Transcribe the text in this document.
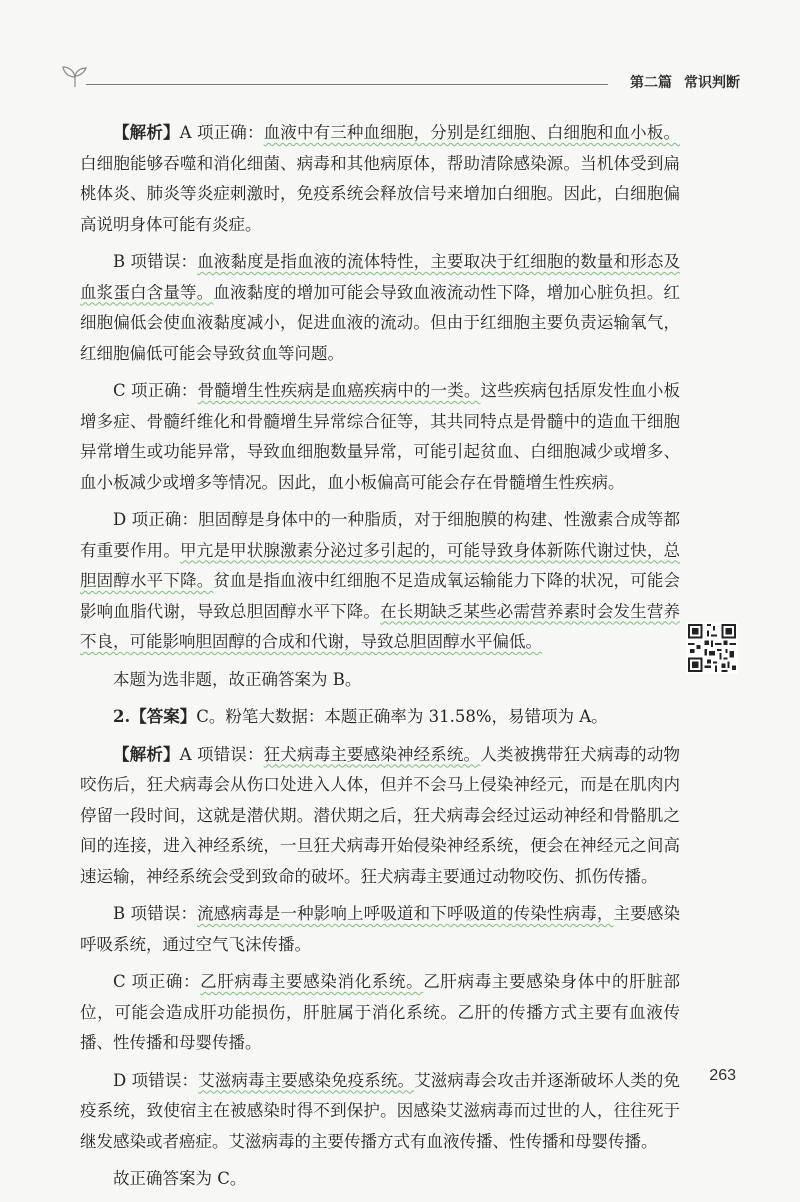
第二篇 常识判断

【解析】A 项正确：血液中有三种血细胞，分别是红细胞、白细胞和血小板。白细胞能够吞噬和消化细菌、病毒和其他病原体，帮助清除感染源。当机体受到扁桃体炎、肺炎等炎症刺激时，免疫系统会释放信号来增加白细胞。因此，白细胞偏高说明身体可能有炎症。

B 项错误：血液黏度是指血液的流体特性，主要取决于红细胞的数量和形态及血浆蛋白含量等。血液黏度的增加可能会导致血液流动性下降，增加心脏负担。红细胞偏低会使血液黏度减小，促进血液的流动。但由于红细胞主要负责运输氧气，红细胞偏低可能会导致贫血等问题。

C 项正确：骨髓增生性疾病是血癌疾病中的一类。这些疾病包括原发性血小板增多症、骨髓纤维化和骨髓增生异常综合征等，其共同特点是骨髓中的造血干细胞异常增生或功能异常，导致血细胞数量异常，可能引起贫血、白细胞减少或增多、血小板减少或增多等情况。因此，血小板偏高可能会存在骨髓增生性疾病。

D 项正确：胆固醇是身体中的一种脂质，对于细胞膜的构建、性激素合成等都有重要作用。甲亢是甲状腺激素分泌过多引起的，可能导致身体新陈代谢过快，总胆固醇水平下降。贫血是指血液中红细胞不足造成氧运输能力下降的状况，可能会影响血脂代谢，导致总胆固醇水平下降。在长期缺乏某些必需营养素时会发生营养不良，可能影响胆固醇的合成和代谢，导致总胆固醇水平偏低。

本题为选非题，故正确答案为 B。

2.【答案】C。粉笔大数据：本题正确率为 31.58%，易错项为 A。

【解析】A 项错误：狂犬病毒主要感染神经系统。人类被携带狂犬病毒的动物咬伤后，狂犬病毒会从伤口处进入人体，但并不会马上侵染神经元，而是在肌肉内停留一段时间，这就是潜伏期。潜伏期之后，狂犬病毒会经过运动神经和骨骼肌之间的连接，进入神经系统，一旦狂犬病毒开始侵染神经系统，便会在神经元之间高速运输，神经系统会受到致命的破坏。狂犬病毒主要通过动物咬伤、抓伤传播。

B 项错误：流感病毒是一种影响上呼吸道和下呼吸道的传染性病毒，主要感染呼吸系统，通过空气飞沫传播。

C 项正确：乙肝病毒主要感染消化系统。乙肝病毒主要感染身体中的肝脏部位，可能会造成肝功能损伤，肝脏属于消化系统。乙肝的传播方式主要有血液传播、性传播和母婴传播。

D 项错误：艾滋病毒主要感染免疫系统。艾滋病毒会攻击并逐渐破坏人类的免疫系统，致使宿主在被感染时得不到保护。因感染艾滋病毒而过世的人，往往死于继发感染或者癌症。艾滋病毒的主要传播方式有血液传播、性传播和母婴传播。

故正确答案为 C。

263
